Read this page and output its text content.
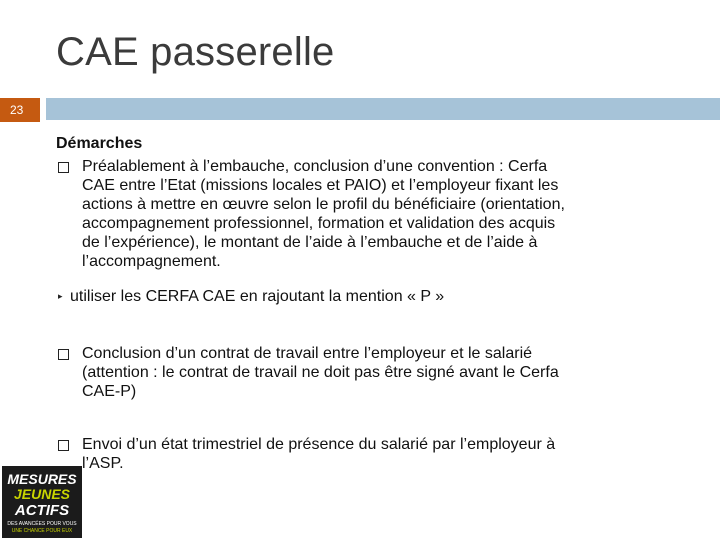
CAE passerelle
23
Démarches
Préalablement à l’embauche, conclusion d’une convention : Cerfa
CAE entre l’Etat (missions locales et PAIO) et l’employeur fixant les
actions à mettre en œuvre selon le profil du bénéficiaire (orientation,
accompagnement professionnel, formation et validation des acquis
de l’expérience), le montant de l’aide à l’embauche et de l’aide à
l’accompagnement.
▸ utiliser les CERFA CAE en rajoutant la mention « P »
Conclusion d’un contrat de travail entre l’employeur et le salarié
(attention : le contrat de travail ne doit pas être signé avant le Cerfa
CAE-P)
Envoi d’un état trimestriel de présence du salarié par l’employeur à
l’ASP.
MESURES
JEUNES
ACTIFS
DES AVANCÉES POUR VOUS
UNE CHANCE POUR EUX
